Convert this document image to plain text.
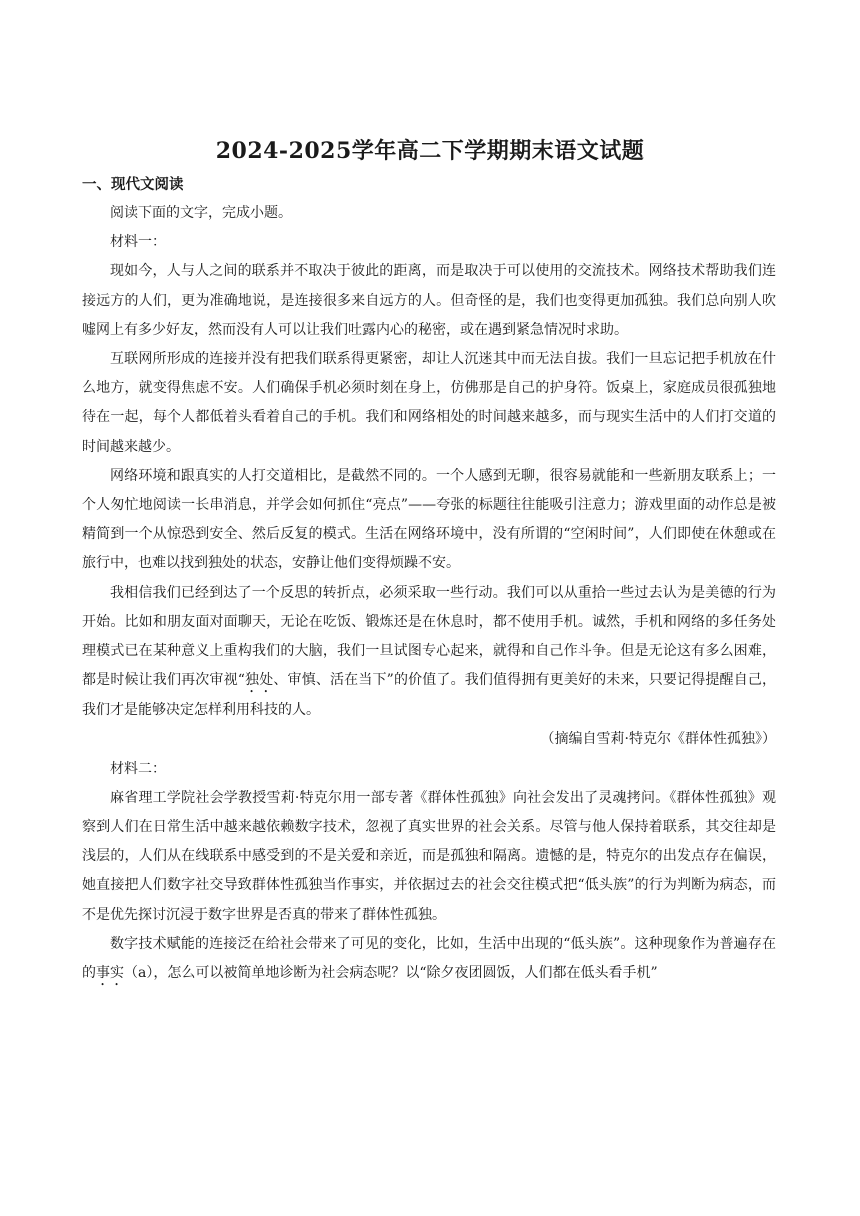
2024-2025学年高二下学期期末语文试题
一、现代文阅读

阅读下面的文字，完成小题。

材料一：

现如今，人与人之间的联系并不取决于彼此的距离，而是取决于可以使用的交流技术。网络技术帮助我们连接远方的人们，更为准确地说，是连接很多来自远方的人。但奇怪的是，我们也变得更加孤独。我们总向别人吹嘘网上有多少好友，然而没有人可以让我们吐露内心的秘密，或在遇到紧急情况时求助。

互联网所形成的连接并没有把我们联系得更紧密，却让人沉迷其中而无法自拔。我们一旦忘记把手机放在什么地方，就变得焦虑不安。人们确保手机必须时刻在身上，仿佛那是自己的护身符。饭桌上，家庭成员很孤独地待在一起，每个人都低着头看着自己的手机。我们和网络相处的时间越来越多，而与现实生活中的人们打交道的时间越来越少。

网络环境和跟真实的人打交道相比，是截然不同的。一个人感到无聊，很容易就能和一些新朋友联系上；一个人匆忙地阅读一长串消息，并学会如何抓住“亮点”——夸张的标题往往能吸引注意力；游戏里面的动作总是被精简到一个从惊恐到安全、然后反复的模式。生活在网络环境中，没有所谓的“空闲时间”，人们即使在休憩或在旅行中，也难以找到独处的状态，安静让他们变得烦躁不安。

我相信我们已经到达了一个反思的转折点，必须采取一些行动。我们可以从重拾一些过去认为是美德的行为开始。比如和朋友面对面聊天，无论在吃饭、锻炼还是在休息时，都不使用手机。诚然，手机和网络的多任务处理模式已在某种意义上重构我们的大脑，我们一旦试图专心起来，就得和自己作斗争。但是无论这有多么困难，都是时候让我们再次审视“独处、审慎、活在当下”的价值了。我们值得拥有更美好的未来，只要记得提醒自己，我们才是能够决定怎样利用科技的人。

（摘编自雪莉·特克尔《群体性孤独》）

材料二：

麻省理工学院社会学教授雪莉·特克尔用一部专著《群体性孤独》向社会发出了灵魂拷问。《群体性孤独》观察到人们在日常生活中越来越依赖数字技术，忽视了真实世界的社会关系。尽管与他人保持着联系，其交往却是浅层的，人们从在线联系中感受到的不是关爱和亲近，而是孤独和隔离。遗憾的是，特克尔的出发点存在偏误，她直接把人们数字社交导致群体性孤独当作事实，并依据过去的社会交往模式把“低头族”的行为判断为病态，而不是优先探讨沉浸于数字世界是否真的带来了群体性孤独。

数字技术赋能的连接泛在给社会带来了可见的变化，比如，生活中出现的“低头族”。这种现象作为普遍存在的事实（a），怎么可以被简单地诊断为社会病态呢？以“除夕夜团圆饭，人们都在低头看手机”
